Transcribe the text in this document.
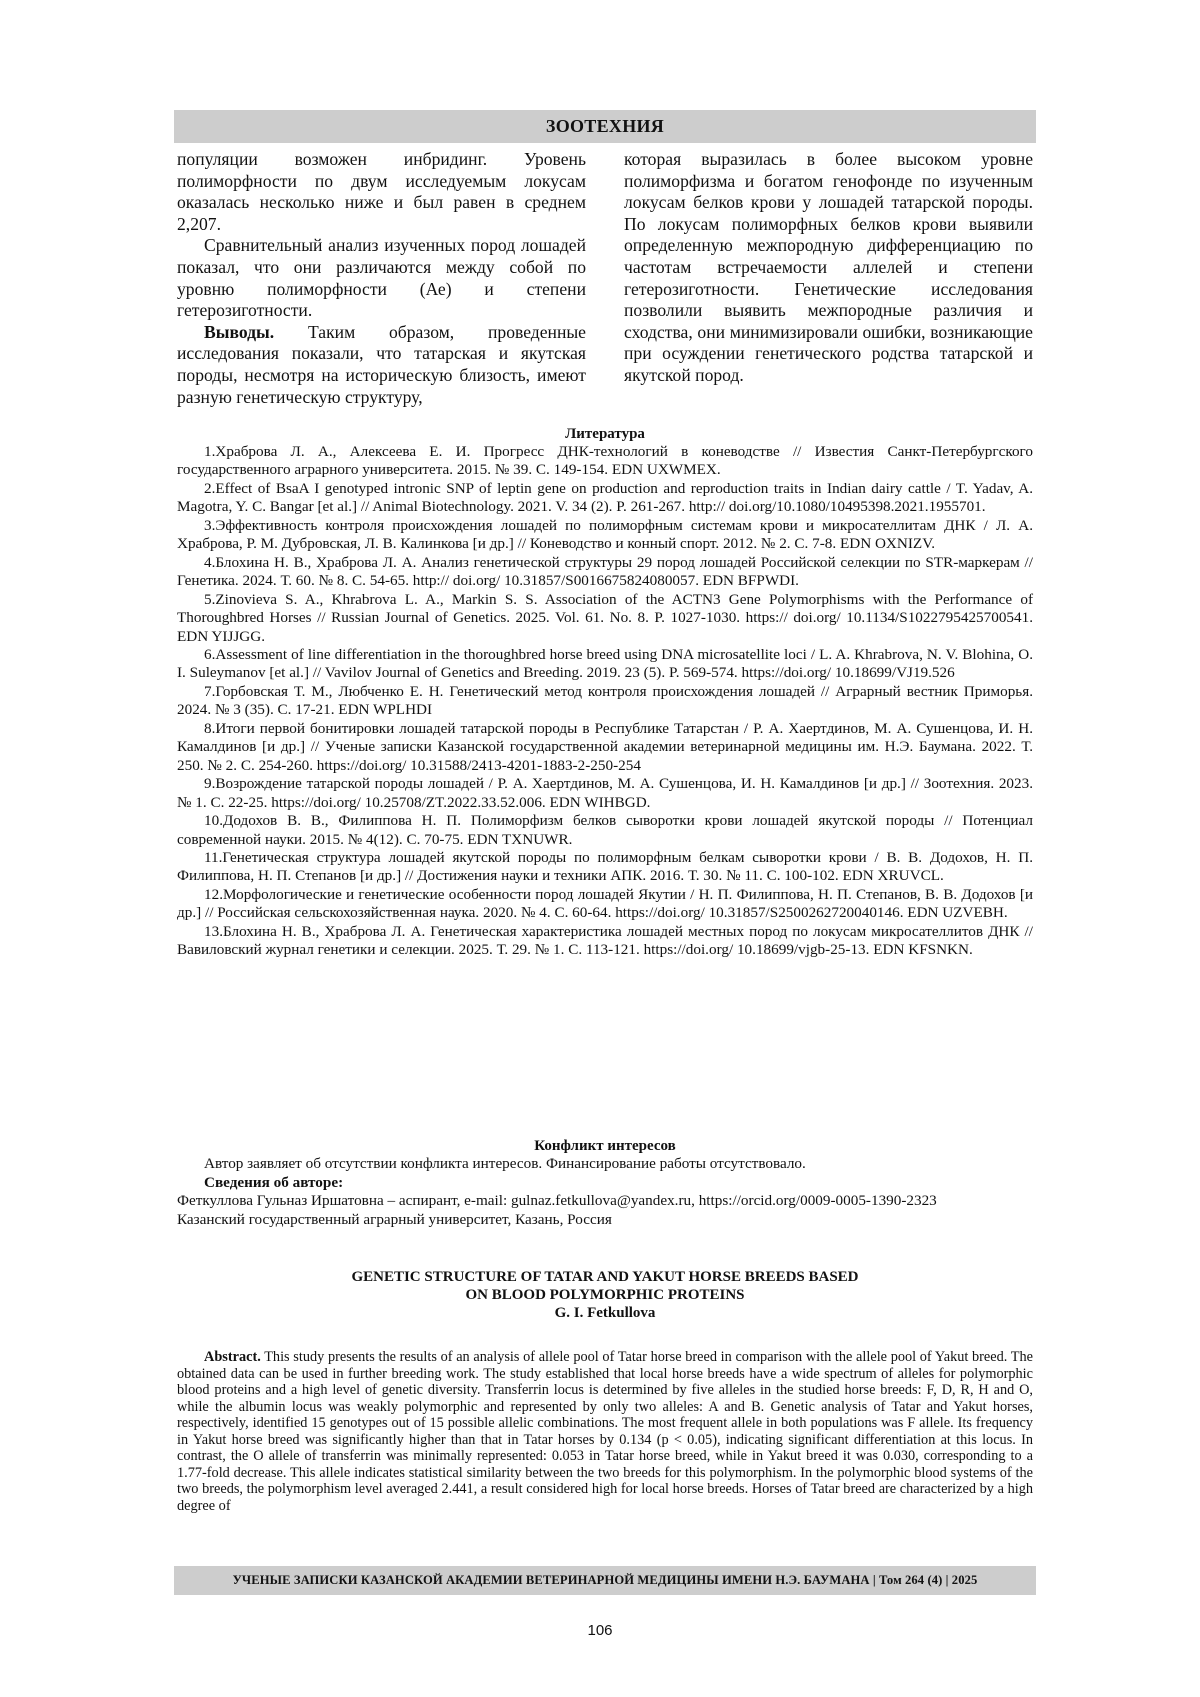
ЗООТЕХНИЯ

популяции возможен инбридинг. Уровень полиморфности по двум исследуемым локусам оказалась несколько ниже и был равен в среднем 2,207.

Сравнительный анализ изученных пород лошадей показал, что они различаются между собой по уровню полиморфности (Ае) и степени гетерозиготности.

Выводы. Таким образом, проведенные исследования показали, что татарская и якутская породы, несмотря на историческую близость, имеют разную генетическую структуру,

которая выразилась в более высоком уровне полиморфизма и богатом генофонде по изученным локусам белков крови у лошадей татарской породы. По локусам полиморфных белков крови выявили определенную межпородную дифференциацию по частотам встречаемости аллелей и степени гетерозиготности. Генетические исследования позволили выявить межпородные различия и сходства, они минимизировали ошибки, возникающие при осуждении генетического родства татарской и якутской пород.

Литература

1.Храброва Л. А., Алексеева Е. И. Прогресс ДНК-технологий в коневодстве // Известия Санкт-Петербургского государственного аграрного университета. 2015. № 39. С. 149-154. EDN UXWMEX.
2.Effect of BsaA I genotyped intronic SNP of leptin gene on production and reproduction traits in Indian dairy cattle / T. Yadav, A. Magotra, Y. C. Bangar [et al.] // Animal Biotechnology. 2021. V. 34 (2). P. 261-267. http:// doi.org/10.1080/10495398.2021.1955701.
3.Эффективность контроля происхождения лошадей по полиморфным системам крови и микросателлитам ДНК / Л. А. Храброва, Р. М. Дубровская, Л. В. Калинкова [и др.] // Коневодство и конный спорт. 2012. № 2. С. 7-8. EDN OXNIZV.
4.Блохина Н. В., Храброва Л. А. Анализ генетической структуры 29 пород лошадей Российской селекции по STR-маркерам // Генетика. 2024. Т. 60. № 8. С. 54-65. http:// doi.org/ 10.31857/S0016675824080057. EDN BFPWDI.
5.Zinovieva S. A., Khrabrova L. A., Markin S. S. Association of the ACTN3 Gene Polymorphisms with the Performance of Thoroughbred Horses // Russian Journal of Genetics. 2025. Vol. 61. No. 8. P. 1027-1030. https:// doi.org/ 10.1134/S1022795425700541. EDN YIJJGG.
6.Assessment of line differentiation in the thoroughbred horse breed using DNA microsatellite loci / L. A. Khrabrova, N. V. Blohina, O. I. Suleymanov [et al.] // Vavilov Journal of Genetics and Breeding. 2019. 23 (5). P. 569-574. https://doi.org/ 10.18699/VJ19.526
7.Горбовская Т. М., Любченко Е. Н. Генетический метод контроля происхождения лошадей // Аграрный вестник Приморья. 2024. № 3 (35). С. 17-21. EDN WPLHDI
8.Итоги первой бонитировки лошадей татарской породы в Республике Татарстан / Р. А. Хаертдинов, М. А. Сушенцова, И. Н. Камалдинов [и др.] // Ученые записки Казанской государственной академии ветеринарной медицины им. Н.Э. Баумана. 2022. Т. 250. № 2. С. 254-260. https://doi.org/ 10.31588/2413-4201-1883-2-250-254
9.Возрождение татарской породы лошадей / Р. А. Хаертдинов, М. А. Сушенцова, И. Н. Камалдинов [и др.] // Зоотехния. 2023. № 1. С. 22-25. https://doi.org/ 10.25708/ZT.2022.33.52.006. EDN WIHBGD.
10.Додохов В. В., Филиппова Н. П. Полиморфизм белков сыворотки крови лошадей якутской породы // Потенциал современной науки. 2015. № 4(12). С. 70-75. EDN TXNUWR.
11.Генетическая структура лошадей якутской породы по полиморфным белкам сыворотки крови / В. В. Додохов, Н. П. Филиппова, Н. П. Степанов [и др.] // Достижения науки и техники АПК. 2016. Т. 30. № 11. С. 100-102. EDN XRUVCL.
12.Морфологические и генетические особенности пород лошадей Якутии / Н. П. Филиппова, Н. П. Степанов, В. В. Додохов [и др.] // Российская сельскохозяйственная наука. 2020. № 4. С. 60-64. https://doi.org/ 10.31857/S2500262720040146. EDN UZVEBH.
13.Блохина Н. В., Храброва Л. А. Генетическая характеристика лошадей местных пород по локусам микросателлитов ДНК // Вавиловский журнал генетики и селекции. 2025. Т. 29. № 1. С. 113-121. https://doi.org/ 10.18699/vjgb-25-13. EDN KFSNKN.

Конфликт интересов

Автор заявляет об отсутствии конфликта интересов. Финансирование работы отсутствовало.

Сведения об авторе:

Феткуллова Гульназ Иршатовна – аспирант, e-mail: gulnaz.fetkullova@yandex.ru, https://orcid.org/0009-0005-1390-2323

Казанский государственный аграрный университет, Казань, Россия

GENETIC STRUCTURE OF TATAR AND YAKUT HORSE BREEDS BASED

ON BLOOD POLYMORPHIC PROTEINS

G. I. Fetkullova

Abstract. This study presents the results of an analysis of allele pool of Tatar horse breed in comparison with the allele pool of Yakut breed. The obtained data can be used in further breeding work. The study established that local horse breeds have a wide spectrum of alleles for polymorphic blood proteins and a high level of genetic diversity. Transferrin locus is determined by five alleles in the studied horse breeds: F, D, R, H and O, while the albumin locus was weakly polymorphic and represented by only two alleles: A and B. Genetic analysis of Tatar and Yakut horses, respectively, identified 15 genotypes out of 15 possible allelic combinations. The most frequent allele in both populations was F allele. Its frequency in Yakut horse breed was significantly higher than that in Tatar horses by 0.134 (p < 0.05), indicating significant differentiation at this locus. In contrast, the O allele of transferrin was minimally represented: 0.053 in Tatar horse breed, while in Yakut breed it was 0.030, corresponding to a 1.77-fold decrease. This allele indicates statistical similarity between the two breeds for this polymorphism. In the polymorphic blood systems of the two breeds, the polymorphism level averaged 2.441, a result considered high for local horse breeds. Horses of Tatar breed are characterized by a high degree of

УЧЕНЫЕ ЗАПИСКИ КАЗАНСКОЙ АКАДЕМИИ ВЕТЕРИНАРНОЙ МЕДИЦИНЫ ИМЕНИ Н.Э. БАУМАНА | Том 264 (4) | 2025
106
